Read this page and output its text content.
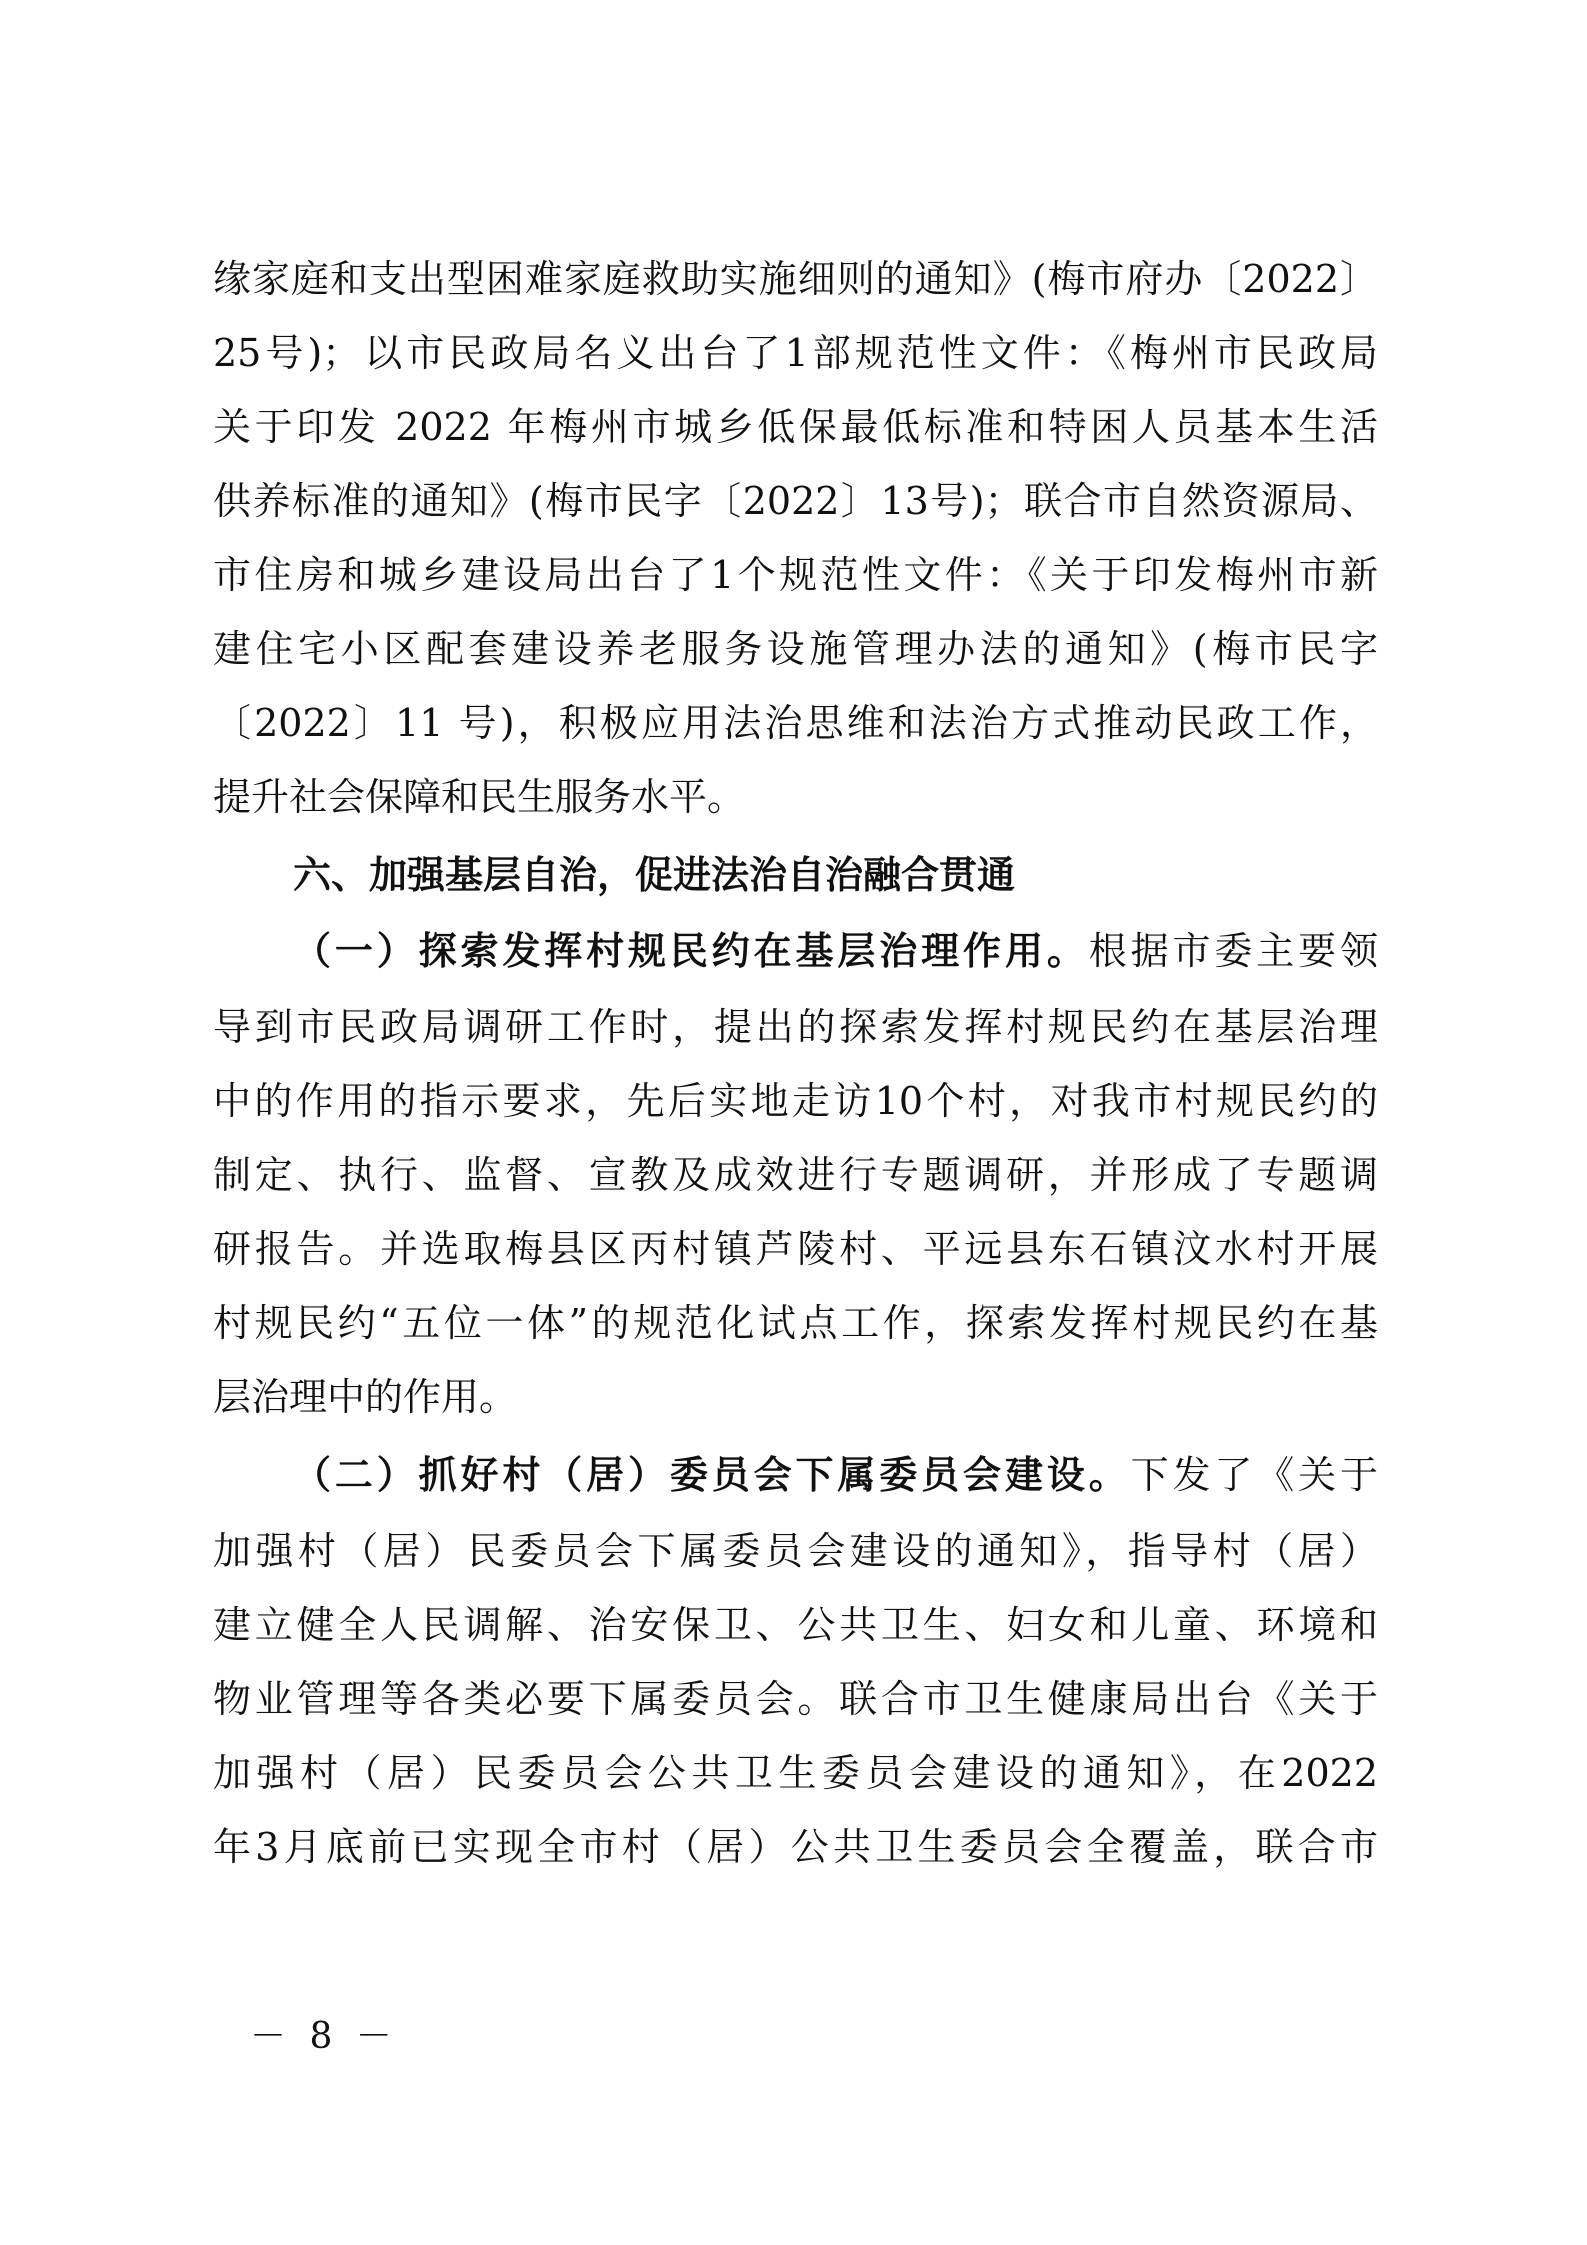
缘家庭和支出型困难家庭救助实施细则的通知》(梅市府办〔2022〕
25号)；以市民政局名义出台了1部规范性文件：《梅州市民政局
关于印发 2022 年梅州市城乡低保最低标准和特困人员基本生活
供养标准的通知》(梅市民字〔2022〕13号)；联合市自然资源局、
市住房和城乡建设局出台了1个规范性文件：《关于印发梅州市新
建住宅小区配套建设养老服务设施管理办法的通知》(梅市民字
〔2022〕11 号)，积极应用法治思维和法治方式推动民政工作，
提升社会保障和民生服务水平。
六、加强基层自治，促进法治自治融合贯通
（一）探索发挥村规民约在基层治理作用。根据市委主要领
导到市民政局调研工作时，提出的探索发挥村规民约在基层治理
中的作用的指示要求，先后实地走访10个村，对我市村规民约的
制定、执行、监督、宣教及成效进行专题调研，并形成了专题调
研报告。并选取梅县区丙村镇芦陵村、平远县东石镇汶水村开展
村规民约“五位一体”的规范化试点工作，探索发挥村规民约在基
层治理中的作用。
（二）抓好村（居）委员会下属委员会建设。下发了《关于
加强村（居）民委员会下属委员会建设的通知》，指导村（居）
建立健全人民调解、治安保卫、公共卫生、妇女和儿童、环境和
物业管理等各类必要下属委员会。联合市卫生健康局出台《关于
加强村（居）民委员会公共卫生委员会建设的通知》，在2022
年3月底前已实现全市村（居）公共卫生委员会全覆盖，联合市
－ 8 －
